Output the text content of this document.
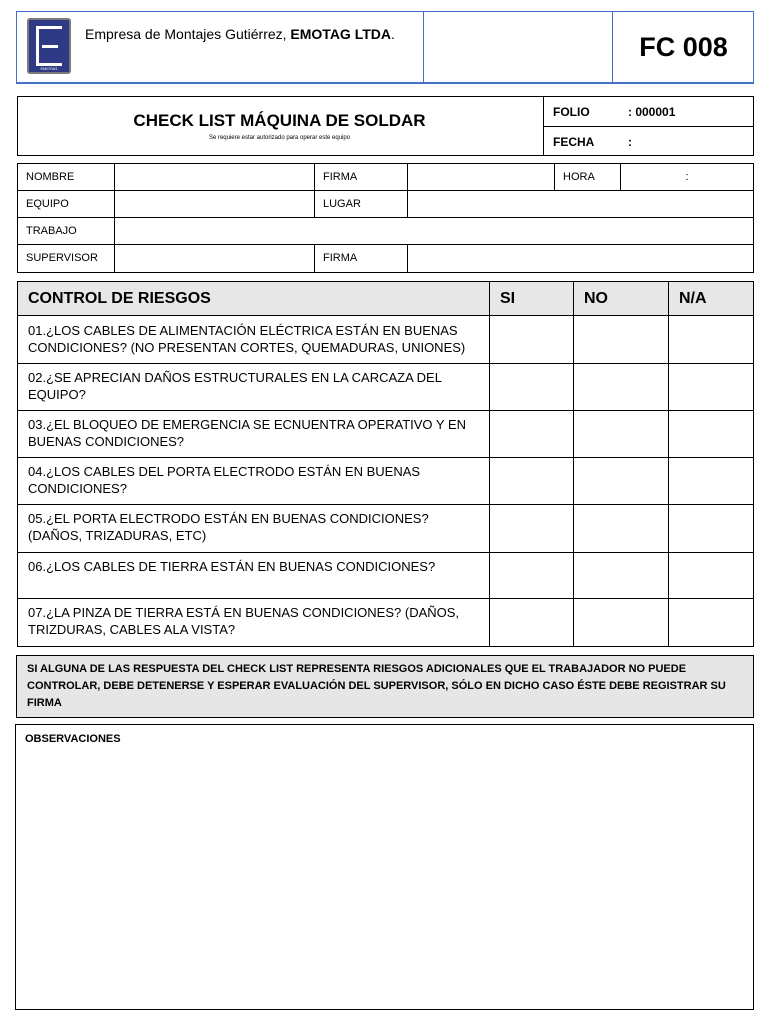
EMOTAG
Empresa de Montajes Gutiérrez, EMOTAG LTDA.	FC 008
CHECK LIST MÁQUINA DE SOLDAR
Se requiere estar autorizado para operar este equipo
FOLIO	: 000001
FECHA	:
NOMBRE	FIRMA	HORA	:
EQUIPO	LUGAR
TRABAJO
SUPERVISOR	FIRMA
CONTROL DE RIESGOS	SI	NO	N/A
01.¿LOS CABLES DE ALIMENTACIÓN ELÉCTRICA ESTÁN EN BUENAS CONDICIONES? (NO PRESENTAN CORTES, QUEMADURAS, UNIONES)
02.¿SE APRECIAN DAÑOS ESTRUCTURALES EN LA CARCAZA DEL EQUIPO?
03.¿EL BLOQUEO DE EMERGENCIA SE ECNUENTRA OPERATIVO Y EN BUENAS CONDICIONES?
04.¿LOS CABLES DEL PORTA ELECTRODO ESTÁN EN BUENAS CONDICIONES?
05.¿EL PORTA ELECTRODO ESTÁN EN BUENAS CONDICIONES? (DAÑOS, TRIZADURAS, ETC)
06.¿LOS CABLES DE TIERRA ESTÁN EN BUENAS CONDICIONES?
07.¿LA PINZA DE TIERRA ESTÁ EN BUENAS CONDICIONES? (DAÑOS, TRIZDURAS, CABLES ALA VISTA?
SI ALGUNA DE LAS RESPUESTA DEL CHECK LIST REPRESENTA RIESGOS ADICIONALES QUE EL TRABAJADOR NO PUEDE CONTROLAR, DEBE DETENERSE Y ESPERAR EVALUACIÓN DEL SUPERVISOR, SÓLO EN DICHO CASO ÉSTE DEBE REGISTRAR SU FIRMA
OBSERVACIONES
